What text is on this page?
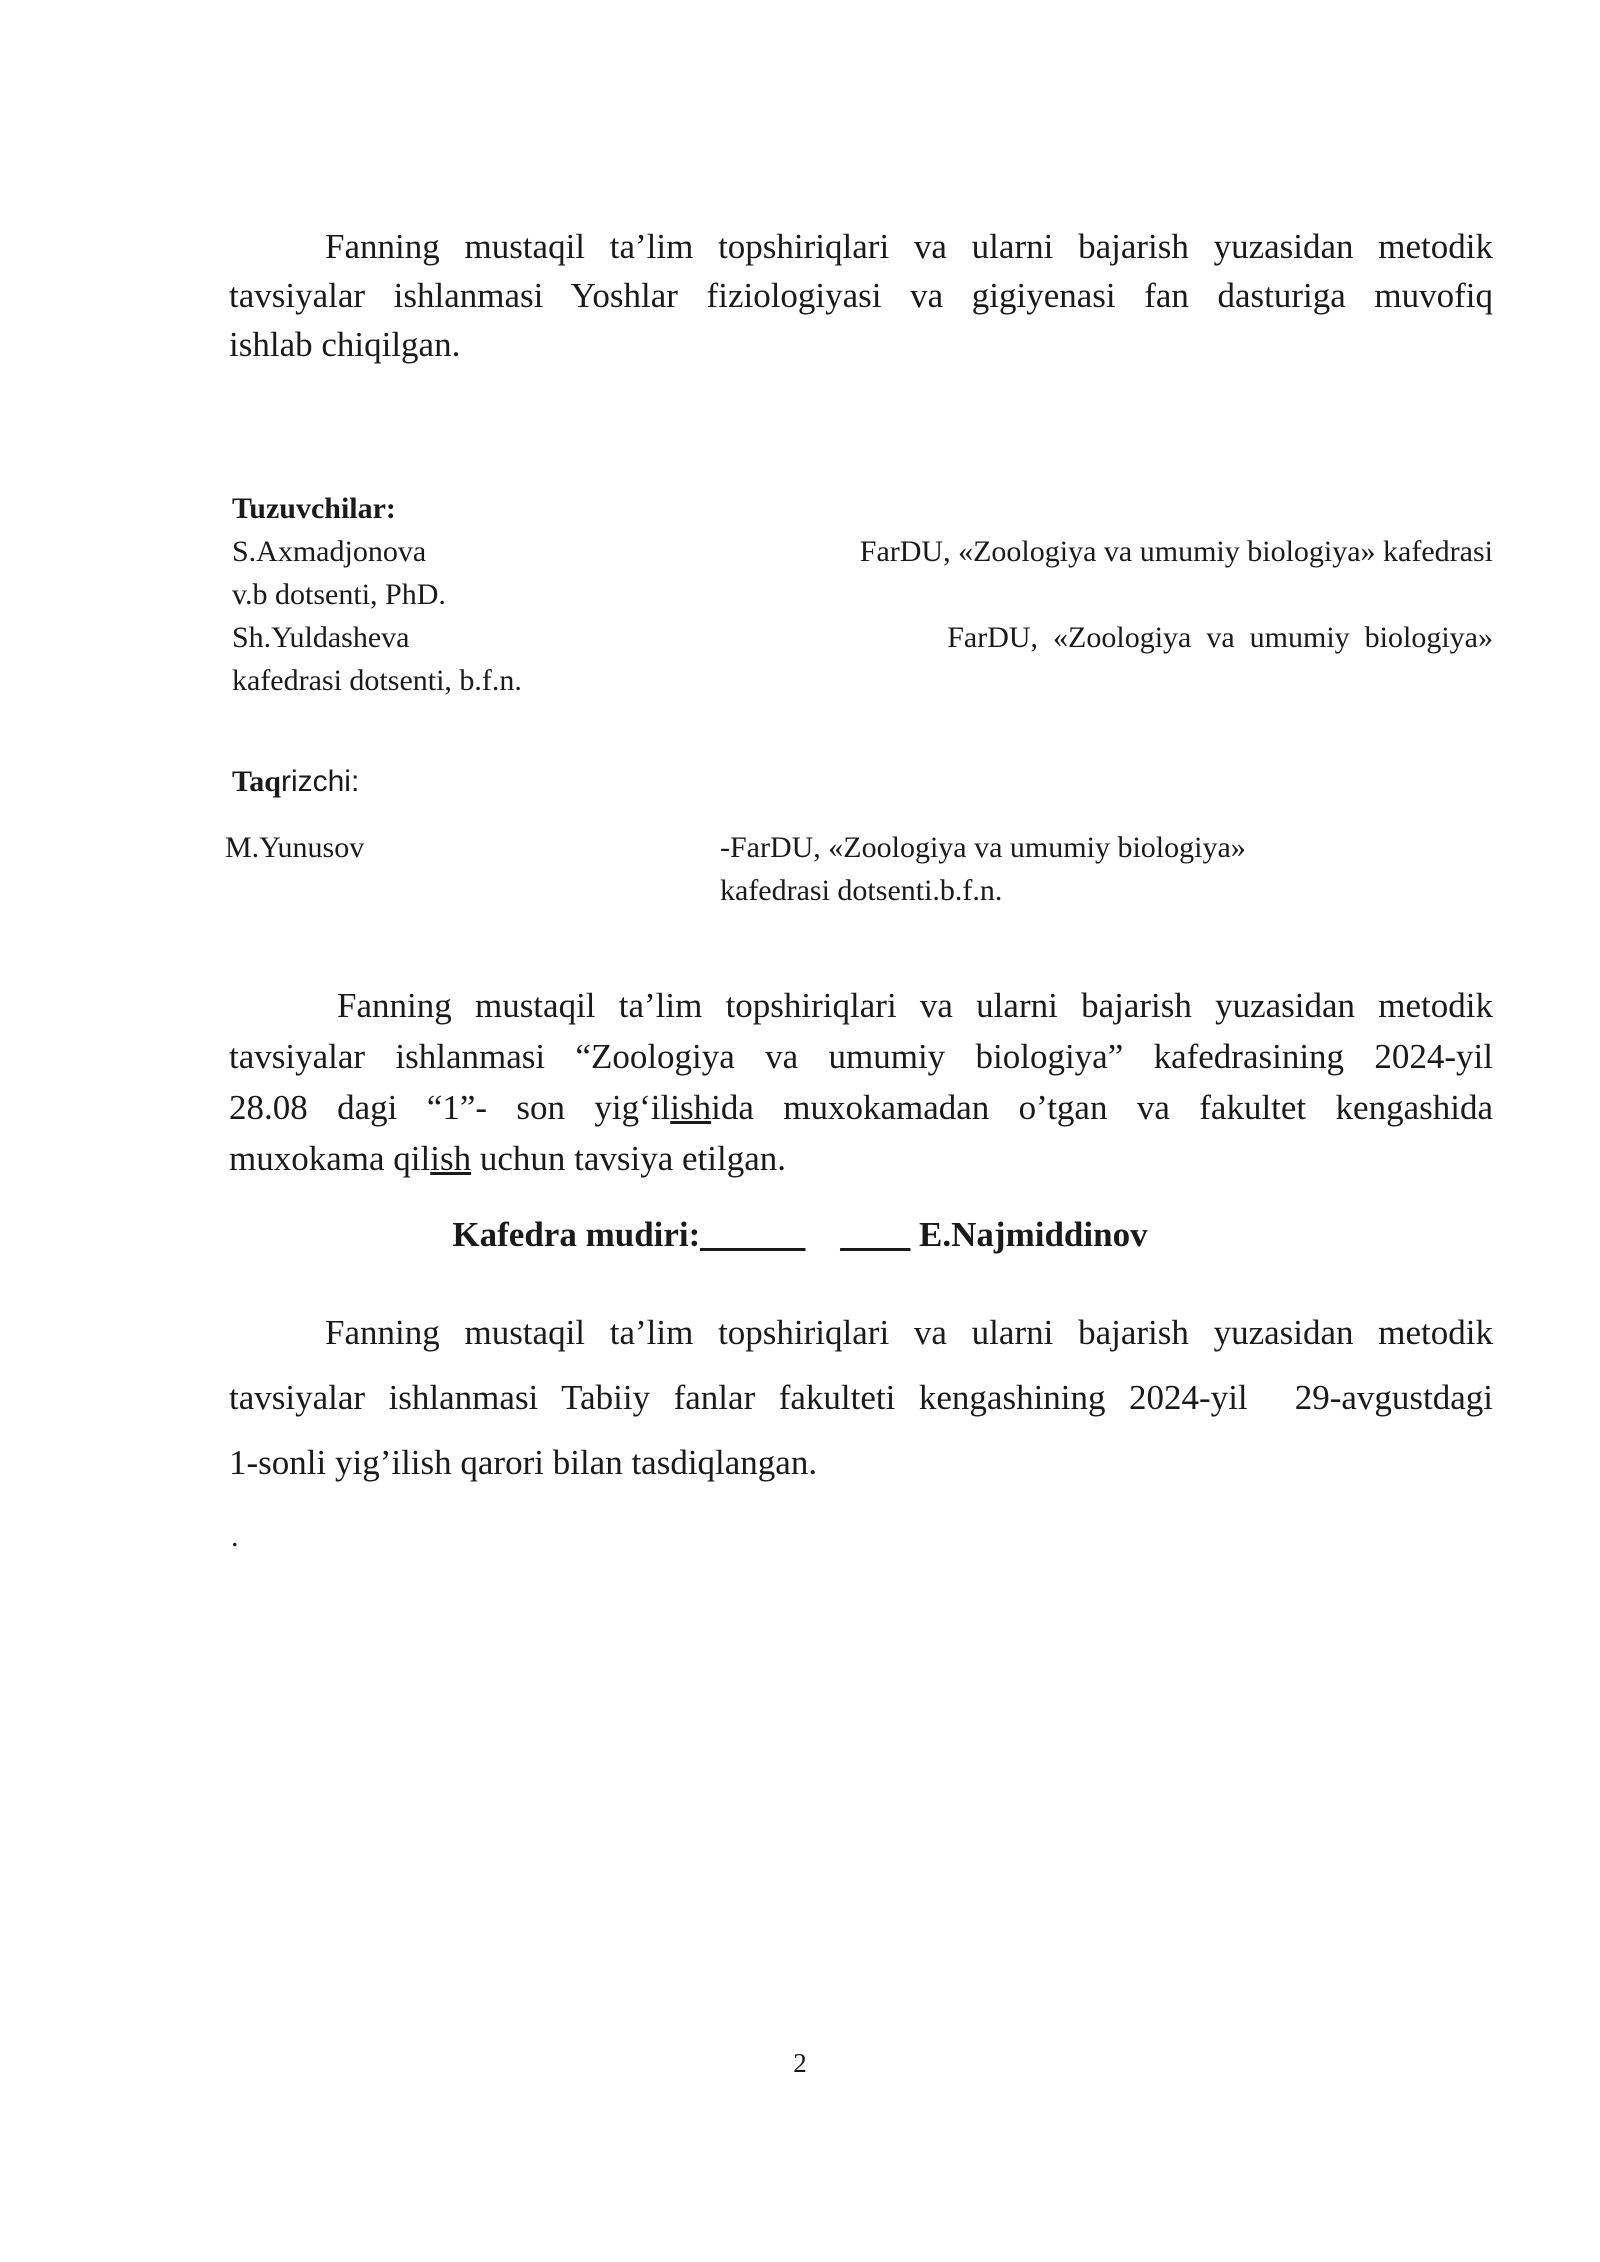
Fanning mustaqil ta’lim topshiriqlari va ularni bajarish yuzasidan metodik
tavsiyalar ishlanmasi Yoshlar fiziologiyasi va gigiyenasi fan dasturiga muvofiq
ishlab chiqilgan.
Tuzuvchilar:
S.Axmadjonova	FarDU, «Zoologiya va umumiy biologiya» kafedrasi
v.b dotsenti, PhD.
Sh.Yuldasheva	FarDU,  «Zoologiya  va  umumiy  biologiya»
kafedrasi dotsenti, b.f.n.
Taqrizchi:
M.Yunusov	-FarDU, «Zoologiya va umumiy biologiya»
kafedrasi dotsenti.b.f.n.
Fanning mustaqil ta’lim topshiriqlari va ularni bajarish yuzasidan metodik
tavsiyalar ishlanmasi “Zoologiya va umumiy biologiya” kafedrasining 2024-yil
28.08 dagi “1”- son yig‘ilishida muxokamadan o’tgan va fakultet kengashida
muxokama qilish uchun tavsiya etilgan.
Kafedra mudiri:______ ____ E.Najmiddinov
Fanning mustaqil ta’lim topshiriqlari va ularni bajarish yuzasidan metodik
tavsiyalar ishlanmasi Tabiiy fanlar fakulteti kengashining 2024-yil  29-avgustdagi
1-sonli yig’ilish qarori bilan tasdiqlangan.
.
2
